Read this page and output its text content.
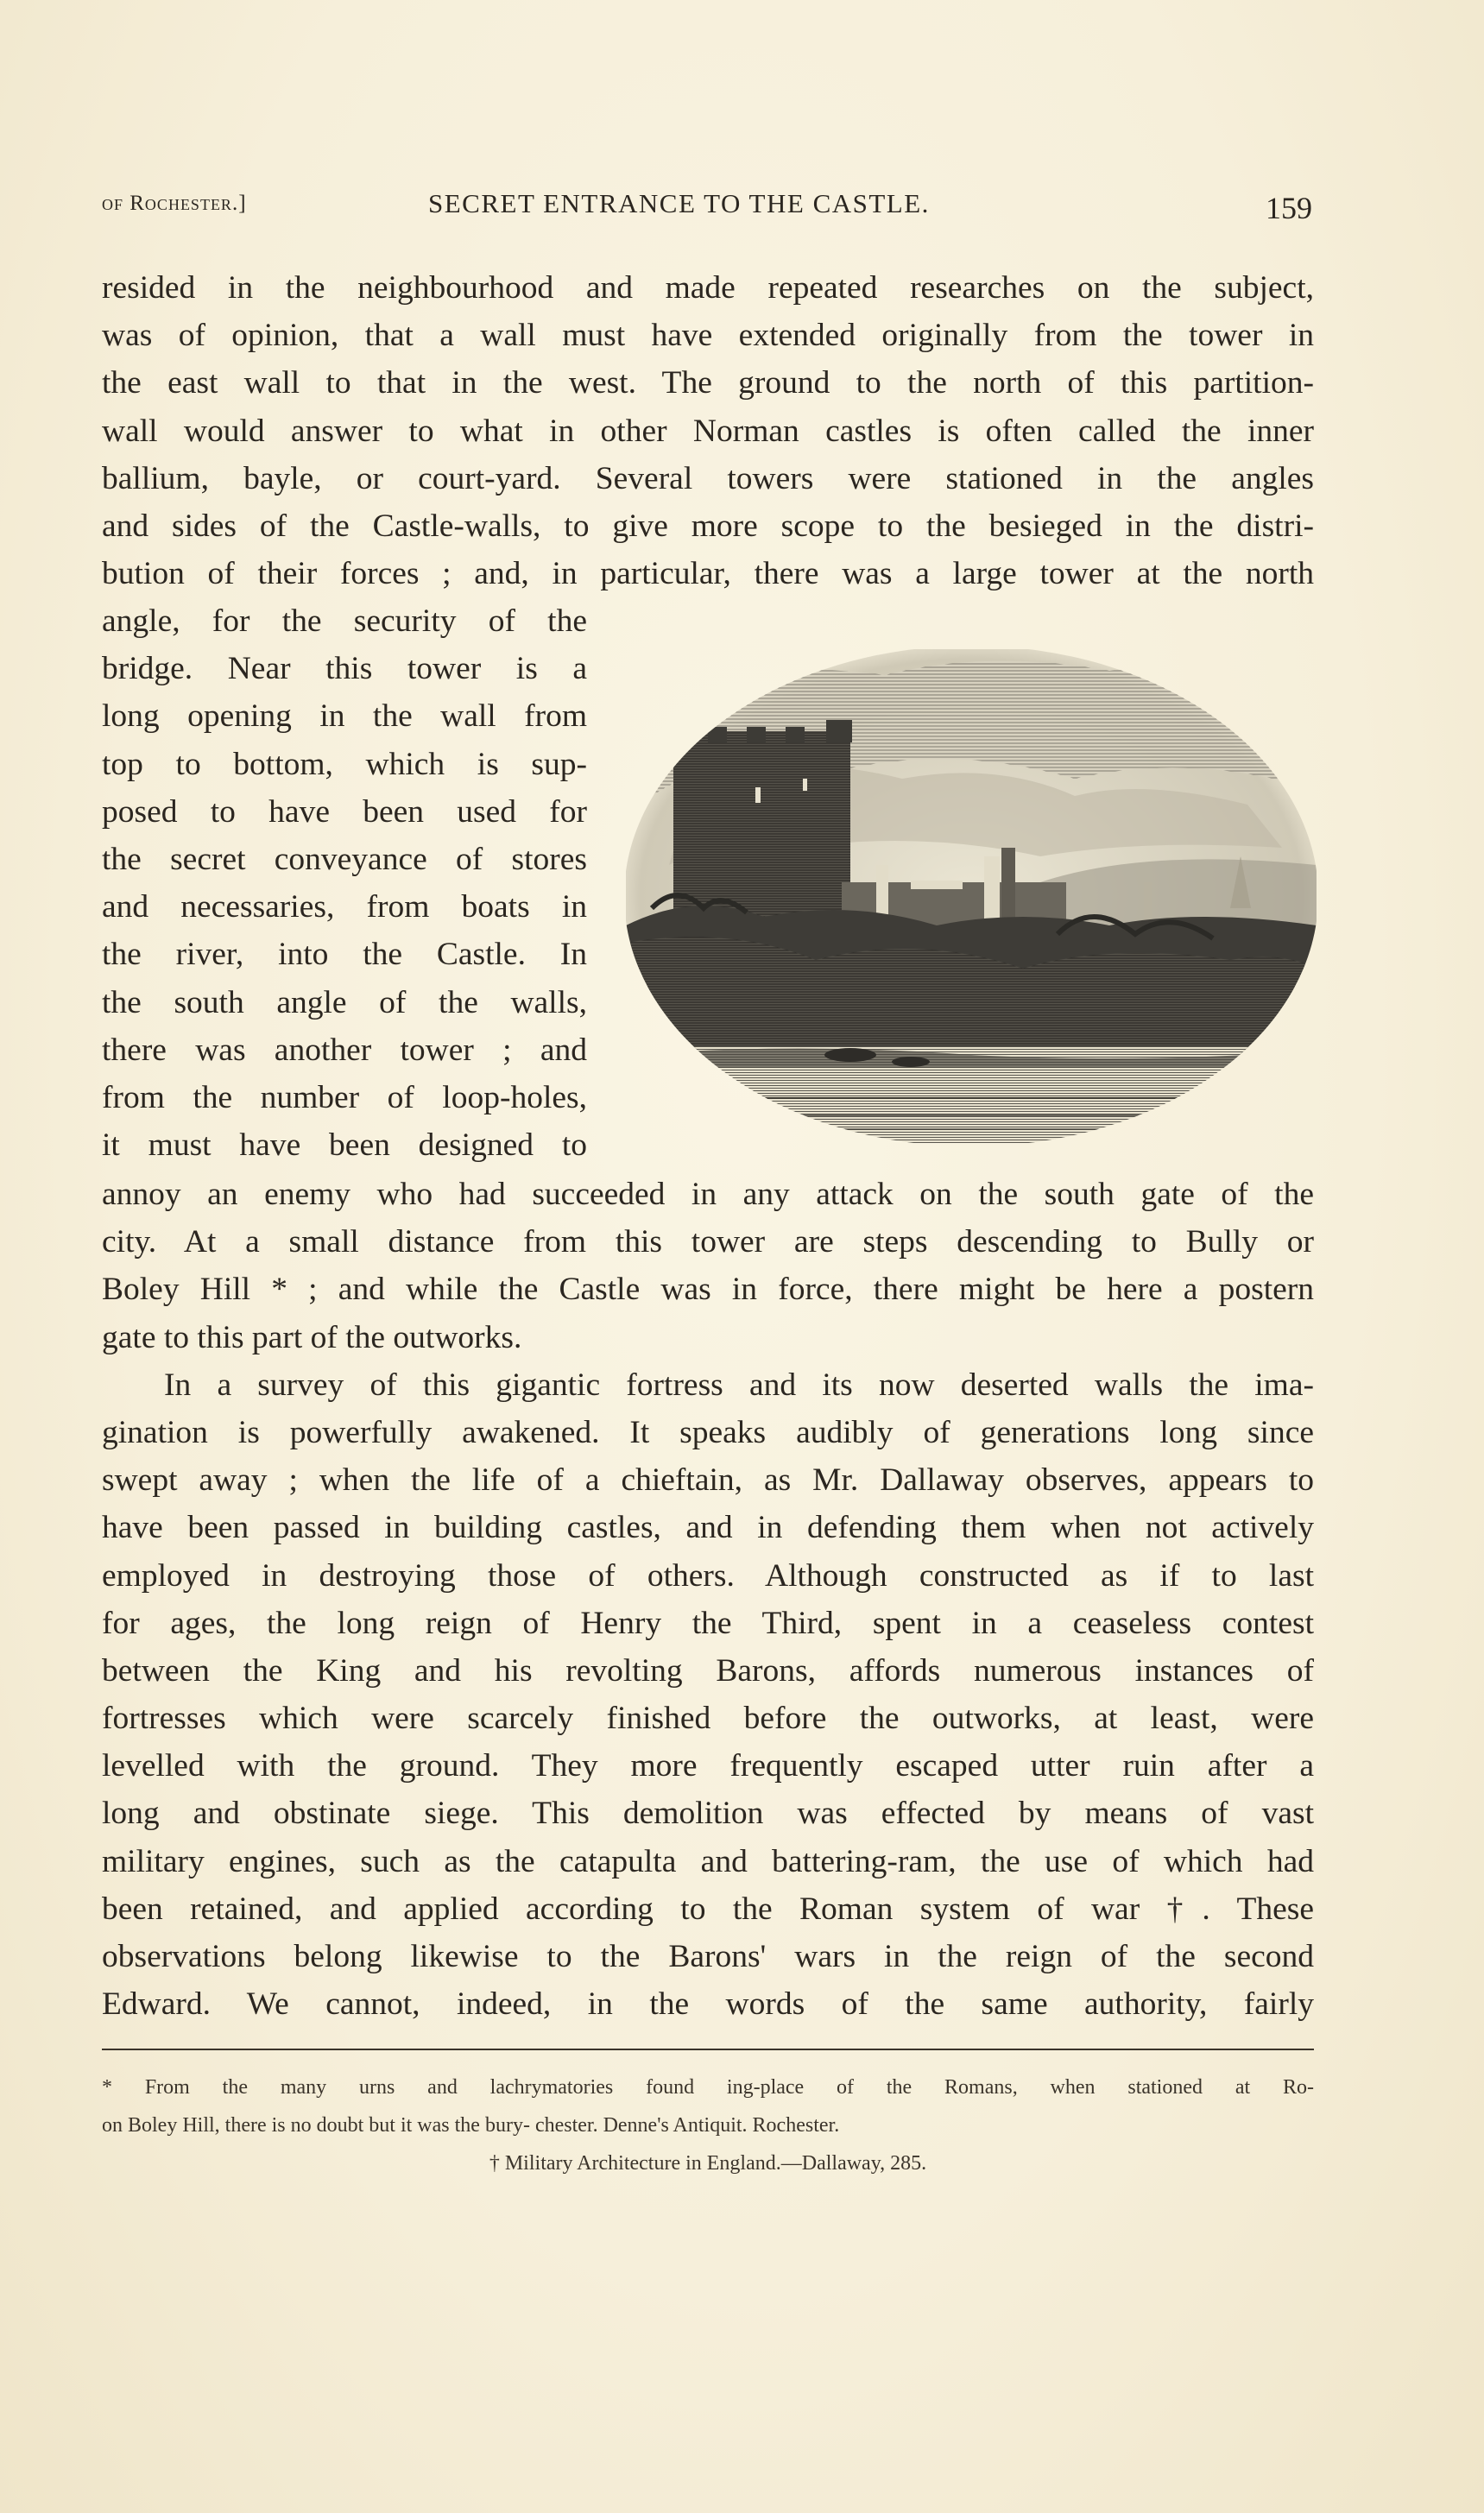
of Rochester.]	SECRET ENTRANCE TO THE CASTLE.	159
resided in the neighbourhood and made repeated researches on the subject,
was of opinion, that a wall must have extended originally from the tower in
the east wall to that in the west. The ground to the north of this partition-
wall would answer to what in other Norman castles is often called the inner
ballium, bayle, or court-yard. Several towers were stationed in the angles
and sides of the Castle-walls, to give more scope to the besieged in the distri-
bution of their forces ; and, in particular, there was a large tower at the north
angle, for the security of the
bridge. Near this tower is a
long opening in the wall from
top to bottom, which is sup-
posed to have been used for
the secret conveyance of stores
and necessaries, from boats in
the river, into the Castle. In
the south angle of the walls,
there was another tower ; and
from the number of loop-holes,
it must have been designed to
annoy an enemy who had succeeded in any attack on the south gate of the
city. At a small distance from this tower are steps descending to Bully or
Boley Hill * ; and while the Castle was in force, there might be here a postern
gate to this part of the outworks.
In a survey of this gigantic fortress and its now deserted walls the ima-
gination is powerfully awakened. It speaks audibly of generations long since
swept away ; when the life of a chieftain, as Mr. Dallaway observes, appears to
have been passed in building castles, and in defending them when not actively
employed in destroying those of others. Although constructed as if to last
for ages, the long reign of Henry the Third, spent in a ceaseless contest
between the King and his revolting Barons, affords numerous instances of
fortresses which were scarcely finished before the outworks, at least, were
levelled with the ground. They more frequently escaped utter ruin after a
long and obstinate siege. This demolition was effected by means of vast
military engines, such as the catapulta and battering-ram, the use of which had
been retained, and applied according to the Roman system of war †. These
observations belong likewise to the Barons' wars in the reign of the second
Edward. We cannot, indeed, in the words of the same authority, fairly
* From the many urns and lachrymatories found ing-place of the Romans, when stationed at Ro-
on Boley Hill, there is no doubt but it was the bury- chester. Denne's Antiquit. Rochester.
† Military Architecture in England.—Dallaway, 285.
